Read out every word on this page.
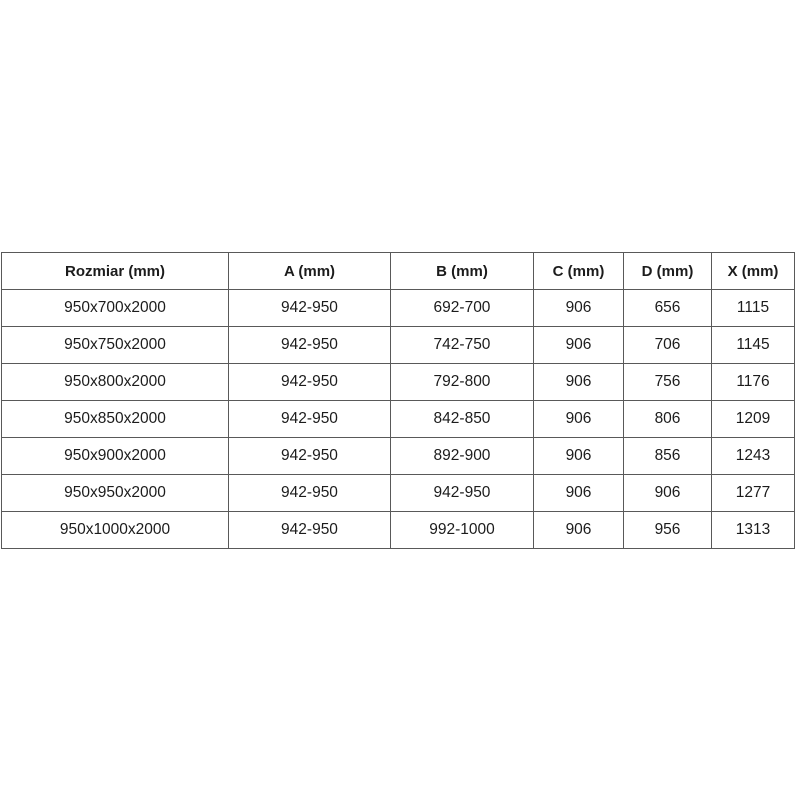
Rozmiar (mm)	A (mm)	B (mm)	C (mm)	D (mm)	X (mm)
950x700x2000	942-950	692-700	906	656	1115
950x750x2000	942-950	742-750	906	706	1145
950x800x2000	942-950	792-800	906	756	1176
950x850x2000	942-950	842-850	906	806	1209
950x900x2000	942-950	892-900	906	856	1243
950x950x2000	942-950	942-950	906	906	1277
950x1000x2000	942-950	992-1000	906	956	1313
